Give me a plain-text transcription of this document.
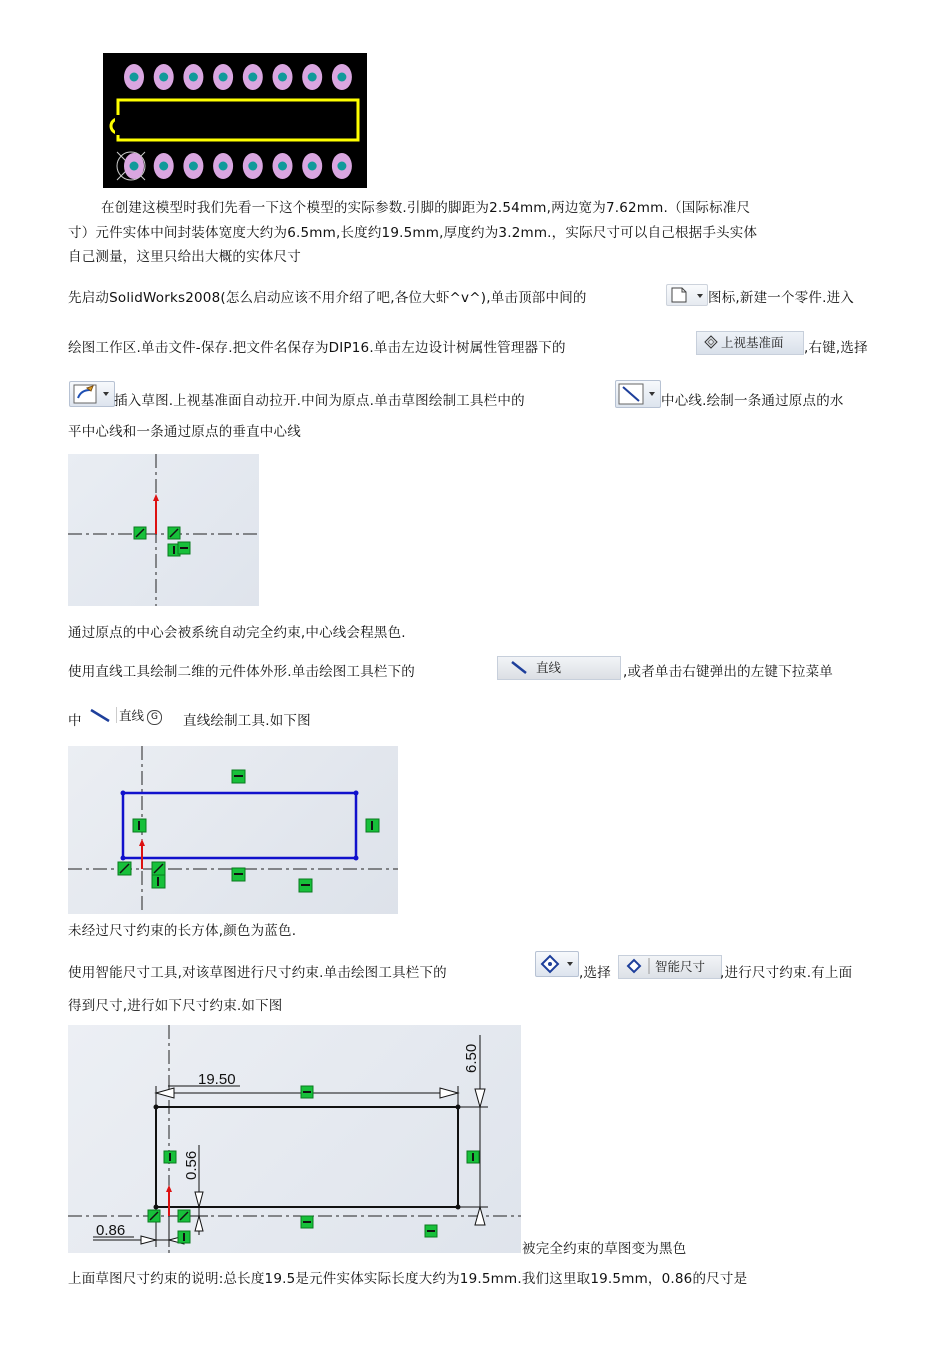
在创建这模型时我们先看一下这个模型的实际参数.引脚的脚距为2.54mm,两边宽为7.62mm.（国际标准尺
寸）元件实体中间封装体宽度大约为6.5mm,长度约19.5mm,厚度约为3.2mm.，实际尺寸可以自己根据手头实体
自己测量，这里只给出大概的实体尺寸
先启动SolidWorks2008(怎么启动应该不用介绍了吧,各位大虾^v^),单击顶部中间的	图标,新建一个零件.进入
绘图工作区.单击文件-保存.把文件名保存为DIP16.单击左边设计树属性管理器下的	上视基准面	,右键,选择
插入草图.上视基准面自动拉开.中间为原点.单击草图绘制工具栏中的	中心线.绘制一条通过原点的水
平中心线和一条通过原点的垂直中心线
通过原点的中心会被系统自动完全约束,中心线会程黑色.
使用直线工具绘制二维的元件体外形.单击绘图工具栏下的	直线	,或者单击右键弹出的左键下拉菜单
中	直线 G	直线绘制工具.如下图
未经过尺寸约束的长方体,颜色为蓝色.
使用智能尺寸工具,对该草图进行尺寸约束.单击绘图工具栏下的	,选择	智能尺寸	,进行尺寸约束.有上面
得到尺寸,进行如下尺寸约束.如下图
19.50
6.50
0.56
0.86
被完全约束的草图变为黑色
上面草图尺寸约束的说明:总长度19.5是元件实体实际长度大约为19.5mm.我们这里取19.5mm，0.86的尺寸是
